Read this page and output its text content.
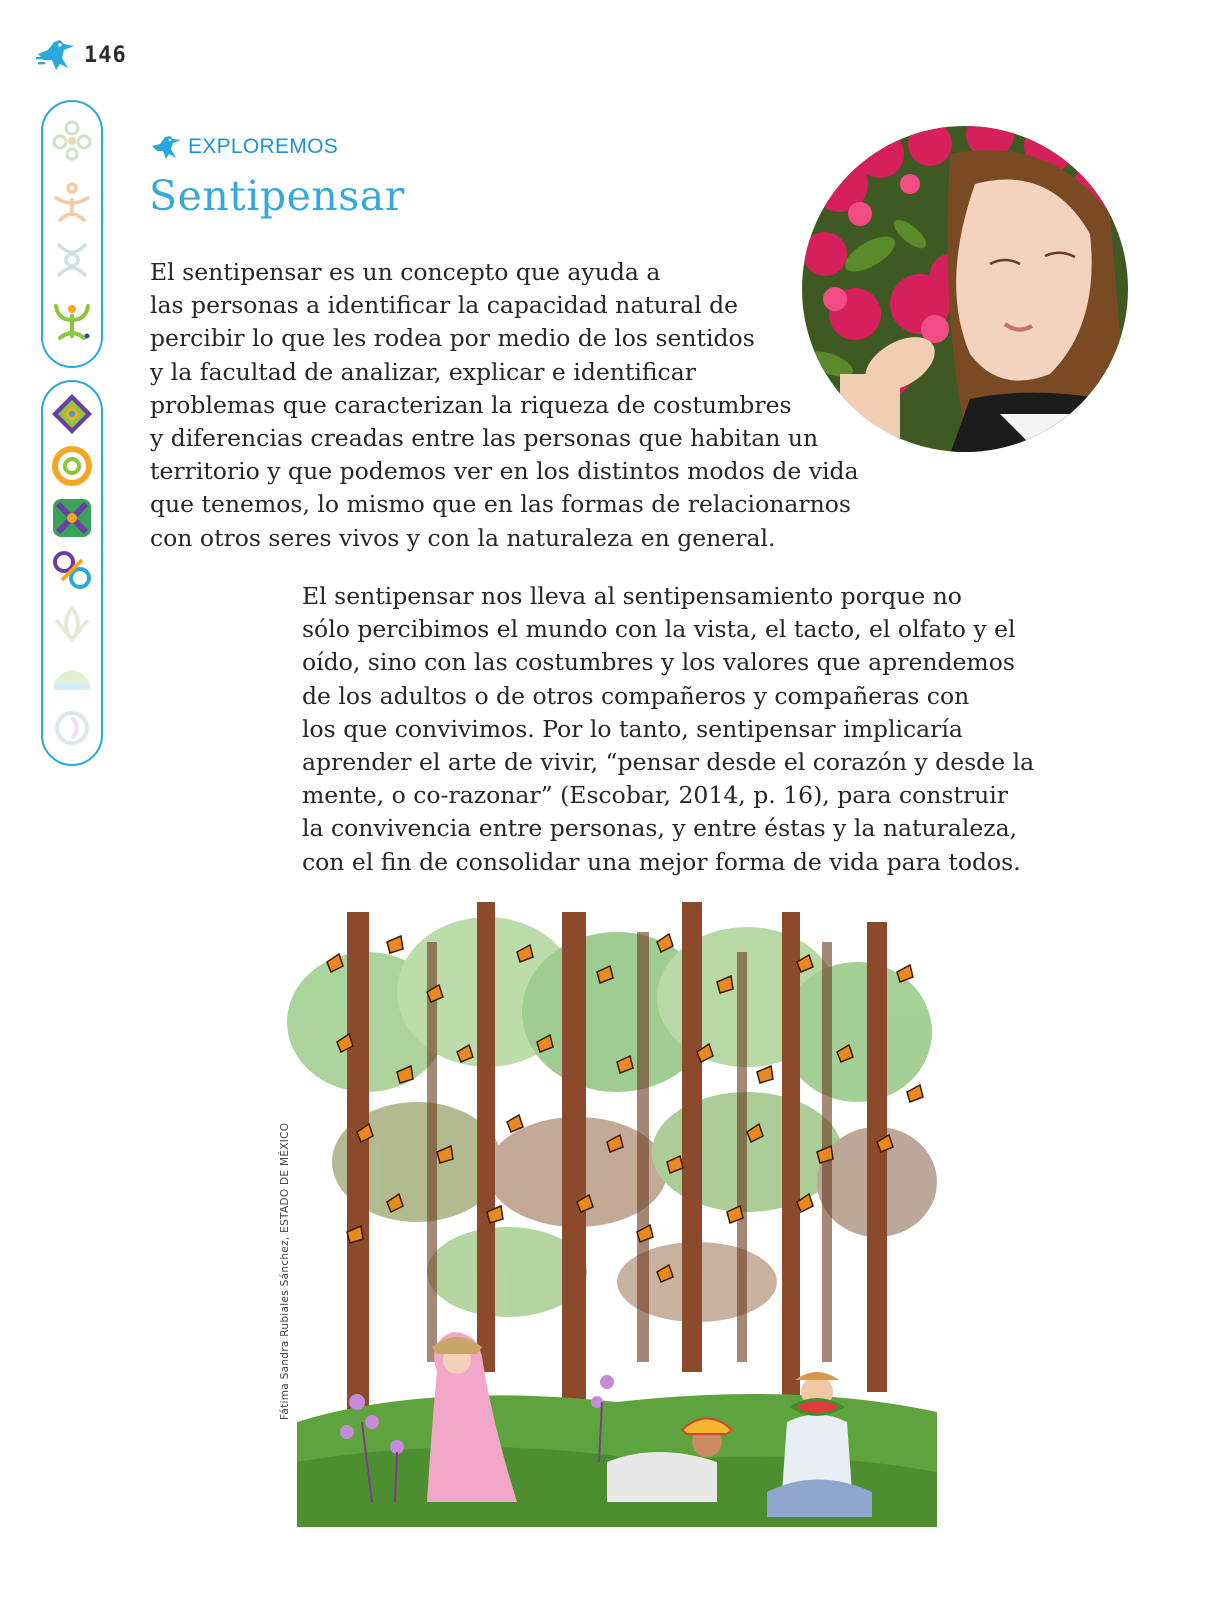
146
EXPLOREMOS
Sentipensar

El sentipensar es un concepto que ayuda a
las personas a identificar la capacidad natural de
percibir lo que les rodea por medio de los sentidos
y la facultad de analizar, explicar e identificar
problemas que caracterizan la riqueza de costumbres
y diferencias creadas entre las personas que habitan un
territorio y que podemos ver en los distintos modos de vida
que tenemos, lo mismo que en las formas de relacionarnos
con otros seres vivos y con la naturaleza en general.

El sentipensar nos lleva al sentipensamiento porque no
sólo percibimos el mundo con la vista, el tacto, el olfato y el
oído, sino con las costumbres y los valores que aprendemos
de los adultos o de otros compañeros y compañeras con
los que convivimos. Por lo tanto, sentipensar implicaría
aprender el arte de vivir, “pensar desde el corazón y desde la
mente, o co-razonar” (Escobar, 2014, p. 16), para construir
la convivencia entre personas, y entre éstas y la naturaleza,
con el fin de consolidar una mejor forma de vida para todos.

Fátima Sandra Rubiales Sánchez, ESTADO DE MÉXICO
